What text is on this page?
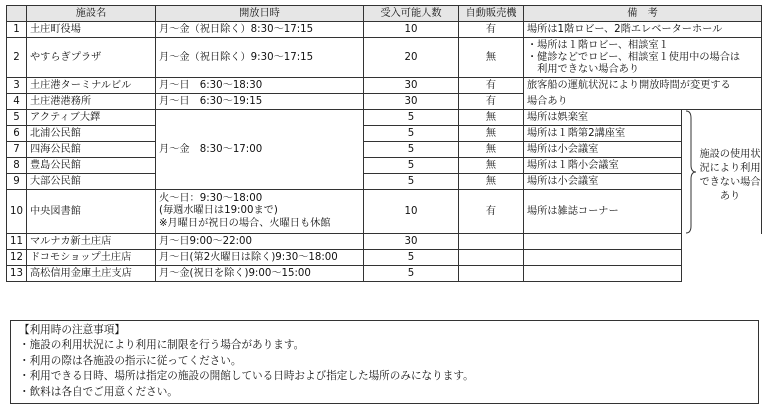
	施設名	開放日時	受入可能人数	自動販売機	備　考	
1	土庄町役場	月～金（祝日除く）8:30～17:15	10	有	場所は1階ロビー、2階エレベーターホール	
2	やすらぎプラザ	月～金（祝日除く）9:30～17:15	20	無	・場所は１階ロビー、相談室１
・健診などでロビー、相談室１使用中の場合は
　利用できない場合あり	

3	土庄港ターミナルビル	月～日　6:30～18:30	30	有	旅客船の運航状況により開放時間が変更する	
4	土庄港港務所	月～日　6:30～19:15	30	有	場合あり	
5	アクティブ大鐸	月～金　8:30～17:00	5	無	場所は娯楽室	施設の使用状況により利用できない場合あり

6	北浦公民館		5	無	場所は１階第2講座室	
7	四海公民館		5	無	場所は小会議室	
8	豊島公民館		5	無	場所は１階小会議室	
9	大部公民館		5	無	場所は小会議室	
10	中央図書館	火～日：9:30～18:00
(毎週水曜日は19:00まで)
※月曜日が祝日の場合、火曜日も休館	10	有	場所は雑誌コーナー	
11	マルナカ新土庄店	月～日9:00～22:00	30			
12	ドコモショップ土庄店	月～日(第2火曜日は除く)9:30～18:00	5			
13	高松信用金庫土庄支店	月～金(祝日を除く)9:00～15:00	5			
【利用時の注意事項】
・施設の利用状況により利用に制限を行う場合があります。
・利用の際は各施設の指示に従ってください。
・利用できる日時、場所は指定の施設の開館している日時および指定した場所のみになります。
・飲料は各自でご用意ください。
